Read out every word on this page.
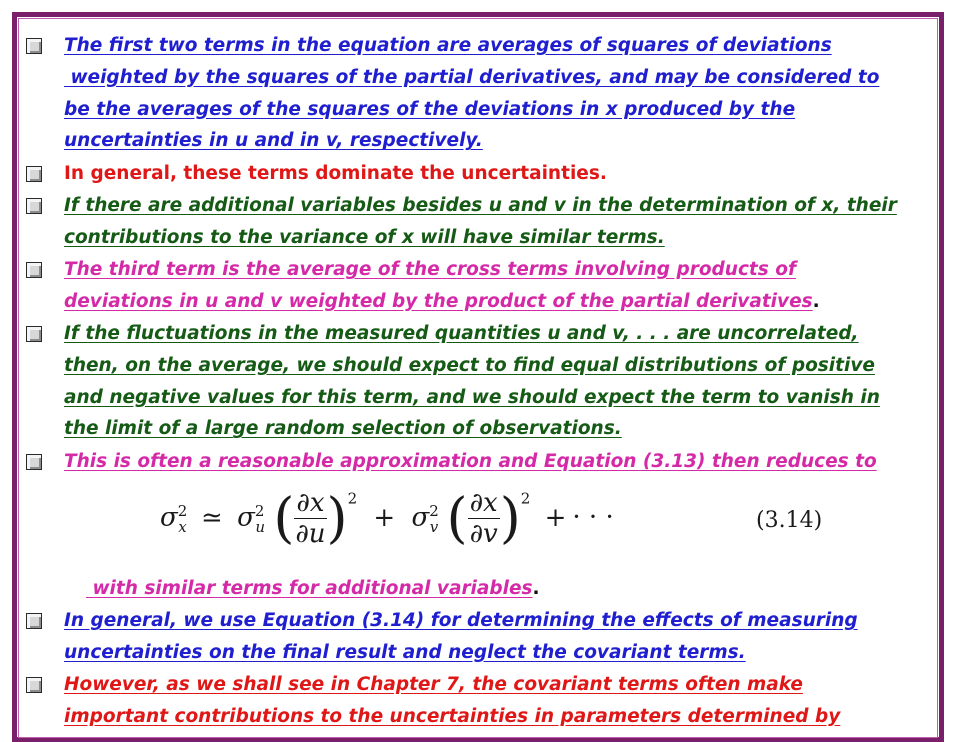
The first two terms in the equation are averages of squares of deviations
weighted by the squares of the partial derivatives, and may be considered to
be the averages of the squares of the deviations in x produced by the
uncertainties in u and in v, respectively.
In general, these terms dominate the uncertainties.
If there are additional variables besides u and v in the determination of x, their
contributions to the variance of x will have similar terms.
The third term is the average of the cross terms involving products of
deviations in u and v weighted by the product of the partial derivatives.
If the fluctuations in the measured quantities u and v, . . . are uncorrelated,
then, on the average, we should expect to find equal distributions of positive
and negative values for this term, and we should expect the term to vanish in
the limit of a large random selection of observations.
This is often a reasonable approximation and Equation (3.13) then reduces to
$\sigma^2_x$ ≃ $\sigma^2_u$ ( $\frac{\partial x}{\partial u} )^2 + \sigma^2_v$ ( $\frac{\partial x}{\partial v} )^2$ + · · ·	(3.14)
with similar terms for additional variables.
In general, we use Equation (3.14) for determining the effects of measuring
uncertainties on the final result and neglect the covariant terms.
However, as we shall see in Chapter 7, the covariant terms often make
important contributions to the uncertainties in parameters determined by
